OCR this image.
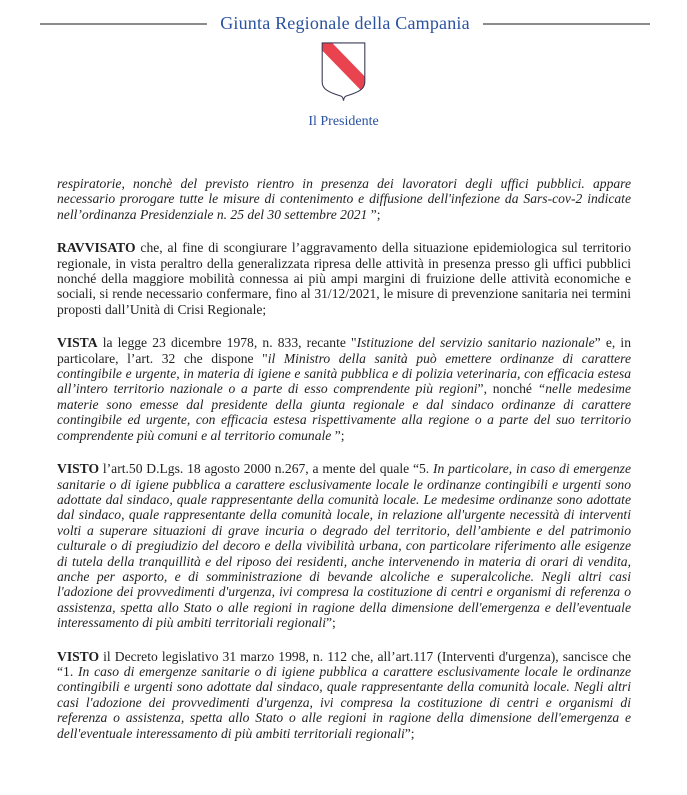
Giunta Regionale della Campania
Il Presidente

respiratorie, nonchè del previsto rientro in presenza dei lavoratori degli uffici pubblici. appare necessario prorogare tutte le misure di contenimento e diffusione dell'infezione da Sars-cov-2 indicate nell’ordinanza Presidenziale n. 25 del 30 settembre 2021 ”;

RAVVISATO che, al fine di scongiurare l’aggravamento della situazione epidemiologica sul territorio regionale, in vista peraltro della generalizzata ripresa delle attività in presenza presso gli uffici pubblici nonché della maggiore mobilità connessa ai più ampi margini di fruizione delle attività economiche e sociali, si rende necessario confermare, fino al 31/12/2021, le misure di prevenzione sanitaria nei termini proposti dall’Unità di Crisi Regionale;

VISTA la legge 23 dicembre 1978, n. 833, recante "Istituzione del servizio sanitario nazionale” e, in particolare, l’art. 32 che dispone "il Ministro della sanità può emettere ordinanze di carattere contingibile e urgente, in materia di igiene e sanità pubblica e di polizia veterinaria, con efficacia estesa all’intero territorio nazionale o a parte di esso comprendente più regioni”, nonché “nelle medesime materie sono emesse dal presidente della giunta regionale e dal sindaco ordinanze di carattere contingibile ed urgente, con efficacia estesa rispettivamente alla regione o a parte del suo territorio comprendente più comuni e al territorio comunale ”;

VISTO l’art.50 D.Lgs. 18 agosto 2000 n.267, a mente del quale “5. In particolare, in caso di emergenze sanitarie o di igiene pubblica a carattere esclusivamente locale le ordinanze contingibili e urgenti sono adottate dal sindaco, quale rappresentante della comunità locale. Le medesime ordinanze sono adottate dal sindaco, quale rappresentante della comunità locale, in relazione all'urgente necessità di interventi volti a superare situazioni di grave incuria o degrado del territorio, dell’ambiente e del patrimonio culturale o di pregiudizio del decoro e della vivibilità urbana, con particolare riferimento alle esigenze di tutela della tranquillità e del riposo dei residenti, anche intervenendo in materia di orari di vendita, anche per asporto, e di somministrazione di bevande alcoliche e superalcoliche. Negli altri casi l'adozione dei provvedimenti d'urgenza, ivi compresa la costituzione di centri e organismi di referenza o assistenza, spetta allo Stato o alle regioni in ragione della dimensione dell'emergenza e dell'eventuale interessamento di più ambiti territoriali regionali”;

VISTO il Decreto legislativo 31 marzo 1998, n. 112 che, all’art.117 (Interventi d'urgenza), sancisce che “1. In caso di emergenze sanitarie o di igiene pubblica a carattere esclusivamente locale le ordinanze contingibili e urgenti sono adottate dal sindaco, quale rappresentante della comunità locale. Negli altri casi l'adozione dei provvedimenti d'urgenza, ivi compresa la costituzione di centri e organismi di referenza o assistenza, spetta allo Stato o alle regioni in ragione della dimensione dell'emergenza e dell'eventuale interessamento di più ambiti territoriali regionali”;
